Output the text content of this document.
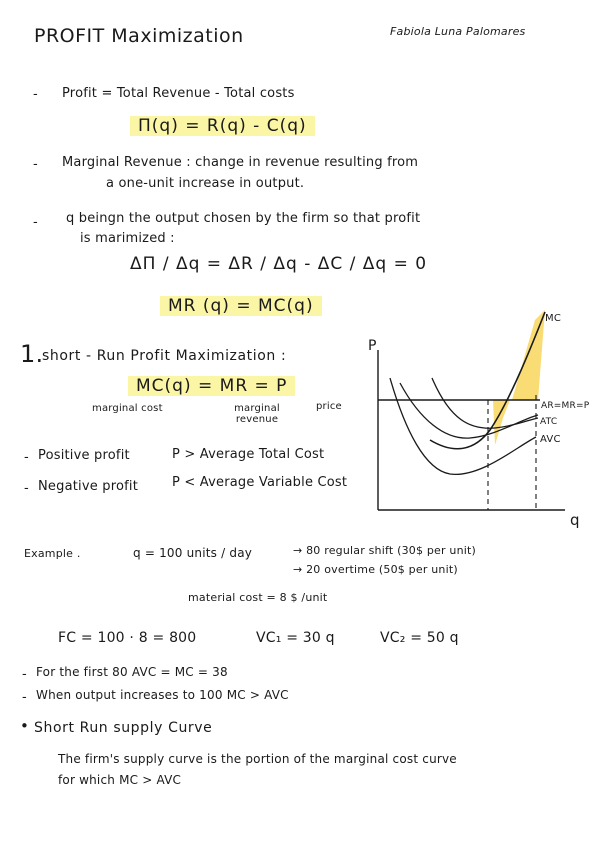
PROFIT Maximization	Fabiola Luna Palomares
- Profit = Total Revenue - Total costs
Π(q) = R(q) - C(q)
- Marginal Revenue : change in revenue resulting from
a one-unit increase in output.
- q beingn the output chosen by the firm so that profit
is marimized :
ΔΠ / Δq = ΔR / Δq - ΔC / Δq = 0
MR (q) = MC(q)
1.
short - Run Profit Maximization :
MC(q) = MR = P
marginal cost	marginal revenue
price
- Positive profit	P > Average Total Cost
- Negative profit	P < Average Variable Cost
P
q
MC
AR=MR=P
ATC
AVC
Example .	q = 100 units / day	→ 80 regular shift (30$ per unit)
→ 20 overtime (50$ per unit)
material cost = 8 $ /unit
FC = 100 · 8 = 800	VC₁ = 30 q	VC₂ = 50 q
- For the first 80 AVC = MC = 38
- When output increases to 100 MC > AVC
• Short Run supply Curve
The firm's supply curve is the portion of the marginal cost curve
for which MC > AVC
